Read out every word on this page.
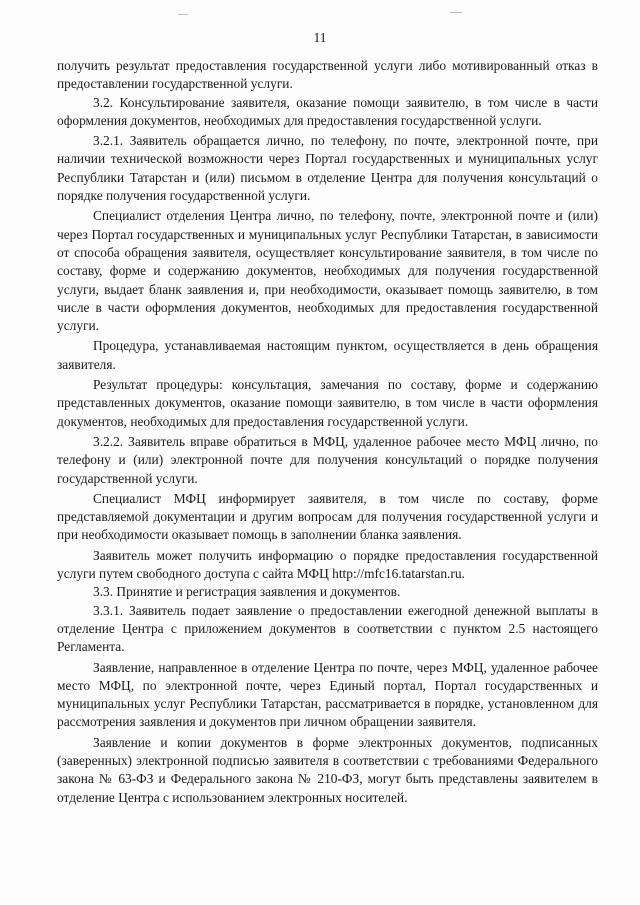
11

получить результат предоставления государственной услуги либо мотивированный отказ в предоставлении государственной услуги.

3.2. Консультирование заявителя, оказание помощи заявителю, в том числе в части оформления документов, необходимых для предоставления государственной услуги.

3.2.1. Заявитель обращается лично, по телефону, по почте, электронной почте, при наличии технической возможности через Портал государственных и муниципальных услуг Республики Татарстан и (или) письмом в отделение Центра для получения консультаций о порядке получения государственной услуги.

Специалист отделения Центра лично, по телефону, почте, электронной почте и (или) через Портал государственных и муниципальных услуг Республики Татарстан, в зависимости от способа обращения заявителя, осуществляет консультирование заявителя, в том числе по составу, форме и содержанию документов, необходимых для получения государственной услуги, выдает бланк заявления и, при необходимости, оказывает помощь заявителю, в том числе в части оформления документов, необходимых для предоставления государственной услуги.

Процедура, устанавливаемая настоящим пунктом, осуществляется в день обращения заявителя.

Результат процедуры: консультация, замечания по составу, форме и содержанию представленных документов, оказание помощи заявителю, в том числе в части оформления документов, необходимых для предоставления государственной услуги.

3.2.2. Заявитель вправе обратиться в МФЦ, удаленное рабочее место МФЦ лично, по телефону и (или) электронной почте для получения консультаций о порядке получения государственной услуги.

Специалист МФЦ информирует заявителя, в том числе по составу, форме представляемой документации и другим вопросам для получения государственной услуги и при необходимости оказывает помощь в заполнении бланка заявления.

Заявитель может получить информацию о порядке предоставления государственной услуги путем свободного доступа с сайта МФЦ http://mfc16.tatarstan.ru.

3.3. Принятие и регистрация заявления и документов.

3.3.1. Заявитель подает заявление о предоставлении ежегодной денежной выплаты в отделение Центра с приложением документов в соответствии с пунктом 2.5 настоящего Регламента.

Заявление, направленное в отделение Центра по почте, через МФЦ, удаленное рабочее место МФЦ, по электронной почте, через Единый портал, Портал государственных и муниципальных услуг Республики Татарстан, рассматривается в порядке, установленном для рассмотрения заявления и документов при личном обращении заявителя.

Заявление и копии документов в форме электронных документов, подписанных (заверенных) электронной подписью заявителя в соответствии с требованиями Федерального закона № 63-ФЗ и Федерального закона № 210-ФЗ, могут быть представлены заявителем в отделение Центра с использованием электронных носителей.
